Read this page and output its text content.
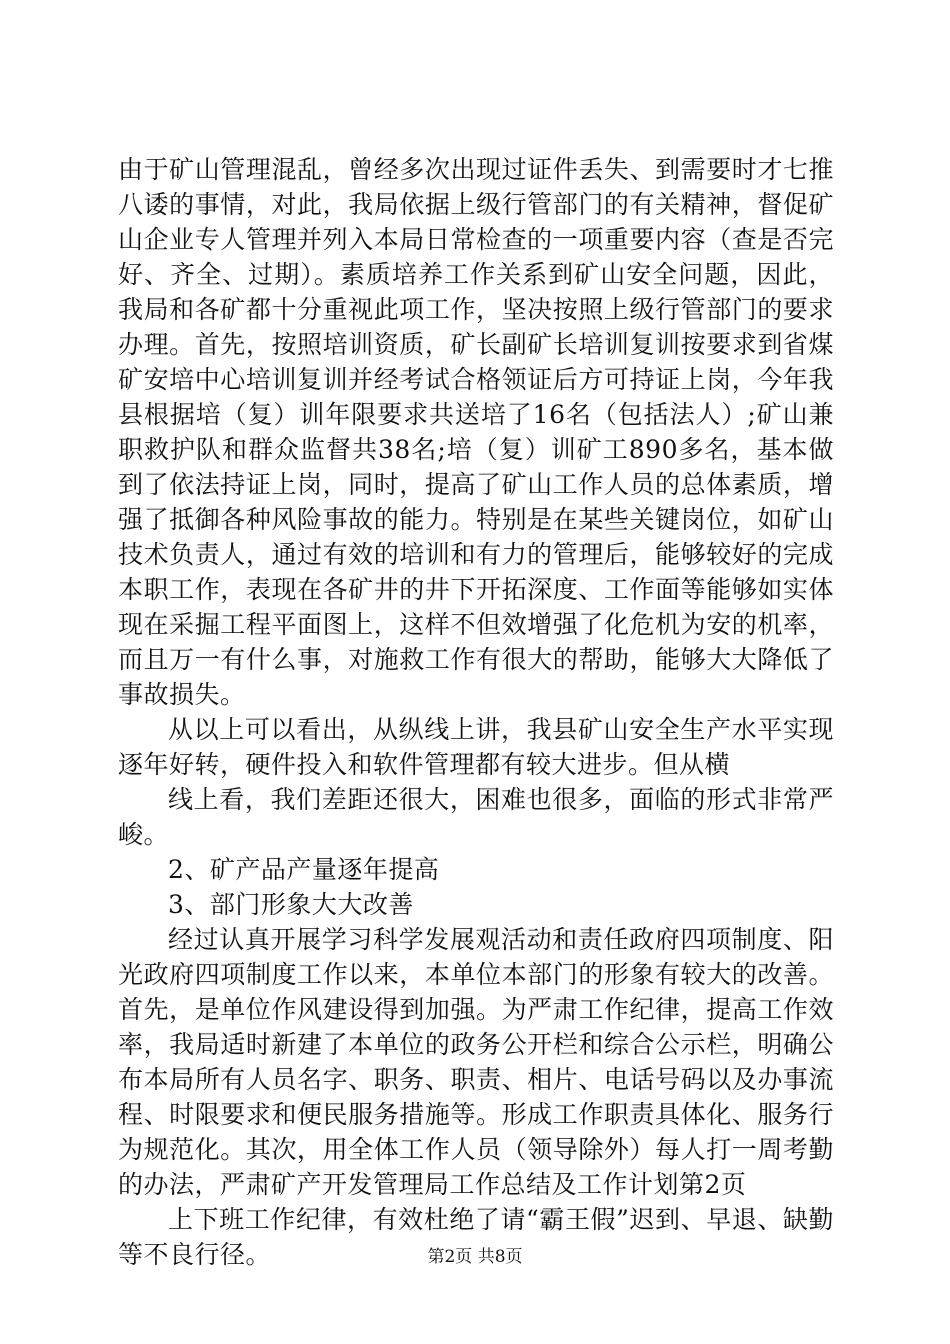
由于矿山管理混乱，曾经多次出现过证件丢失、到需要时才七推八诿的事情，对此，我局依据上级行管部门的有关精神，督促矿山企业专人管理并列入本局日常检查的一项重要内容（查是否完好、齐全、过期）。素质培养工作关系到矿山安全问题，因此，我局和各矿都十分重视此项工作，坚决按照上级行管部门的要求办理。首先，按照培训资质，矿长副矿长培训复训按要求到省煤矿安培中心培训复训并经考试合格领证后方可持证上岗，今年我县根据培（复）训年限要求共送培了16名（包括法人）;矿山兼职救护队和群众监督共38名;培（复）训矿工890多名，基本做到了依法持证上岗，同时，提高了矿山工作人员的总体素质，增强了抵御各种风险事故的能力。特别是在某些关键岗位，如矿山技术负责人，通过有效的培训和有力的管理后，能够较好的完成本职工作，表现在各矿井的井下开拓深度、工作面等能够如实体现在采掘工程平面图上，这样不但效增强了化危机为安的机率，而且万一有什么事，对施救工作有很大的帮助，能够大大降低了事故损失。

从以上可以看出，从纵线上讲，我县矿山安全生产水平实现逐年好转，硬件投入和软件管理都有较大进步。但从横

线上看，我们差距还很大，困难也很多，面临的形式非常严峻。

2、矿产品产量逐年提高

3、部门形象大大改善

经过认真开展学习科学发展观活动和责任政府四项制度、阳光政府四项制度工作以来，本单位本部门的形象有较大的改善。首先，是单位作风建设得到加强。为严肃工作纪律，提高工作效率，我局适时新建了本单位的政务公开栏和综合公示栏，明确公布本局所有人员名字、职务、职责、相片、电话号码以及办事流程、时限要求和便民服务措施等。形成工作职责具体化、服务行为规范化。其次，用全体工作人员（领导除外）每人打一周考勤的办法，严肃矿产开发管理局工作总结及工作计划第2页

上下班工作纪律，有效杜绝了请“霸王假”迟到、早退、缺勤等不良行径。	第2页 共8页
